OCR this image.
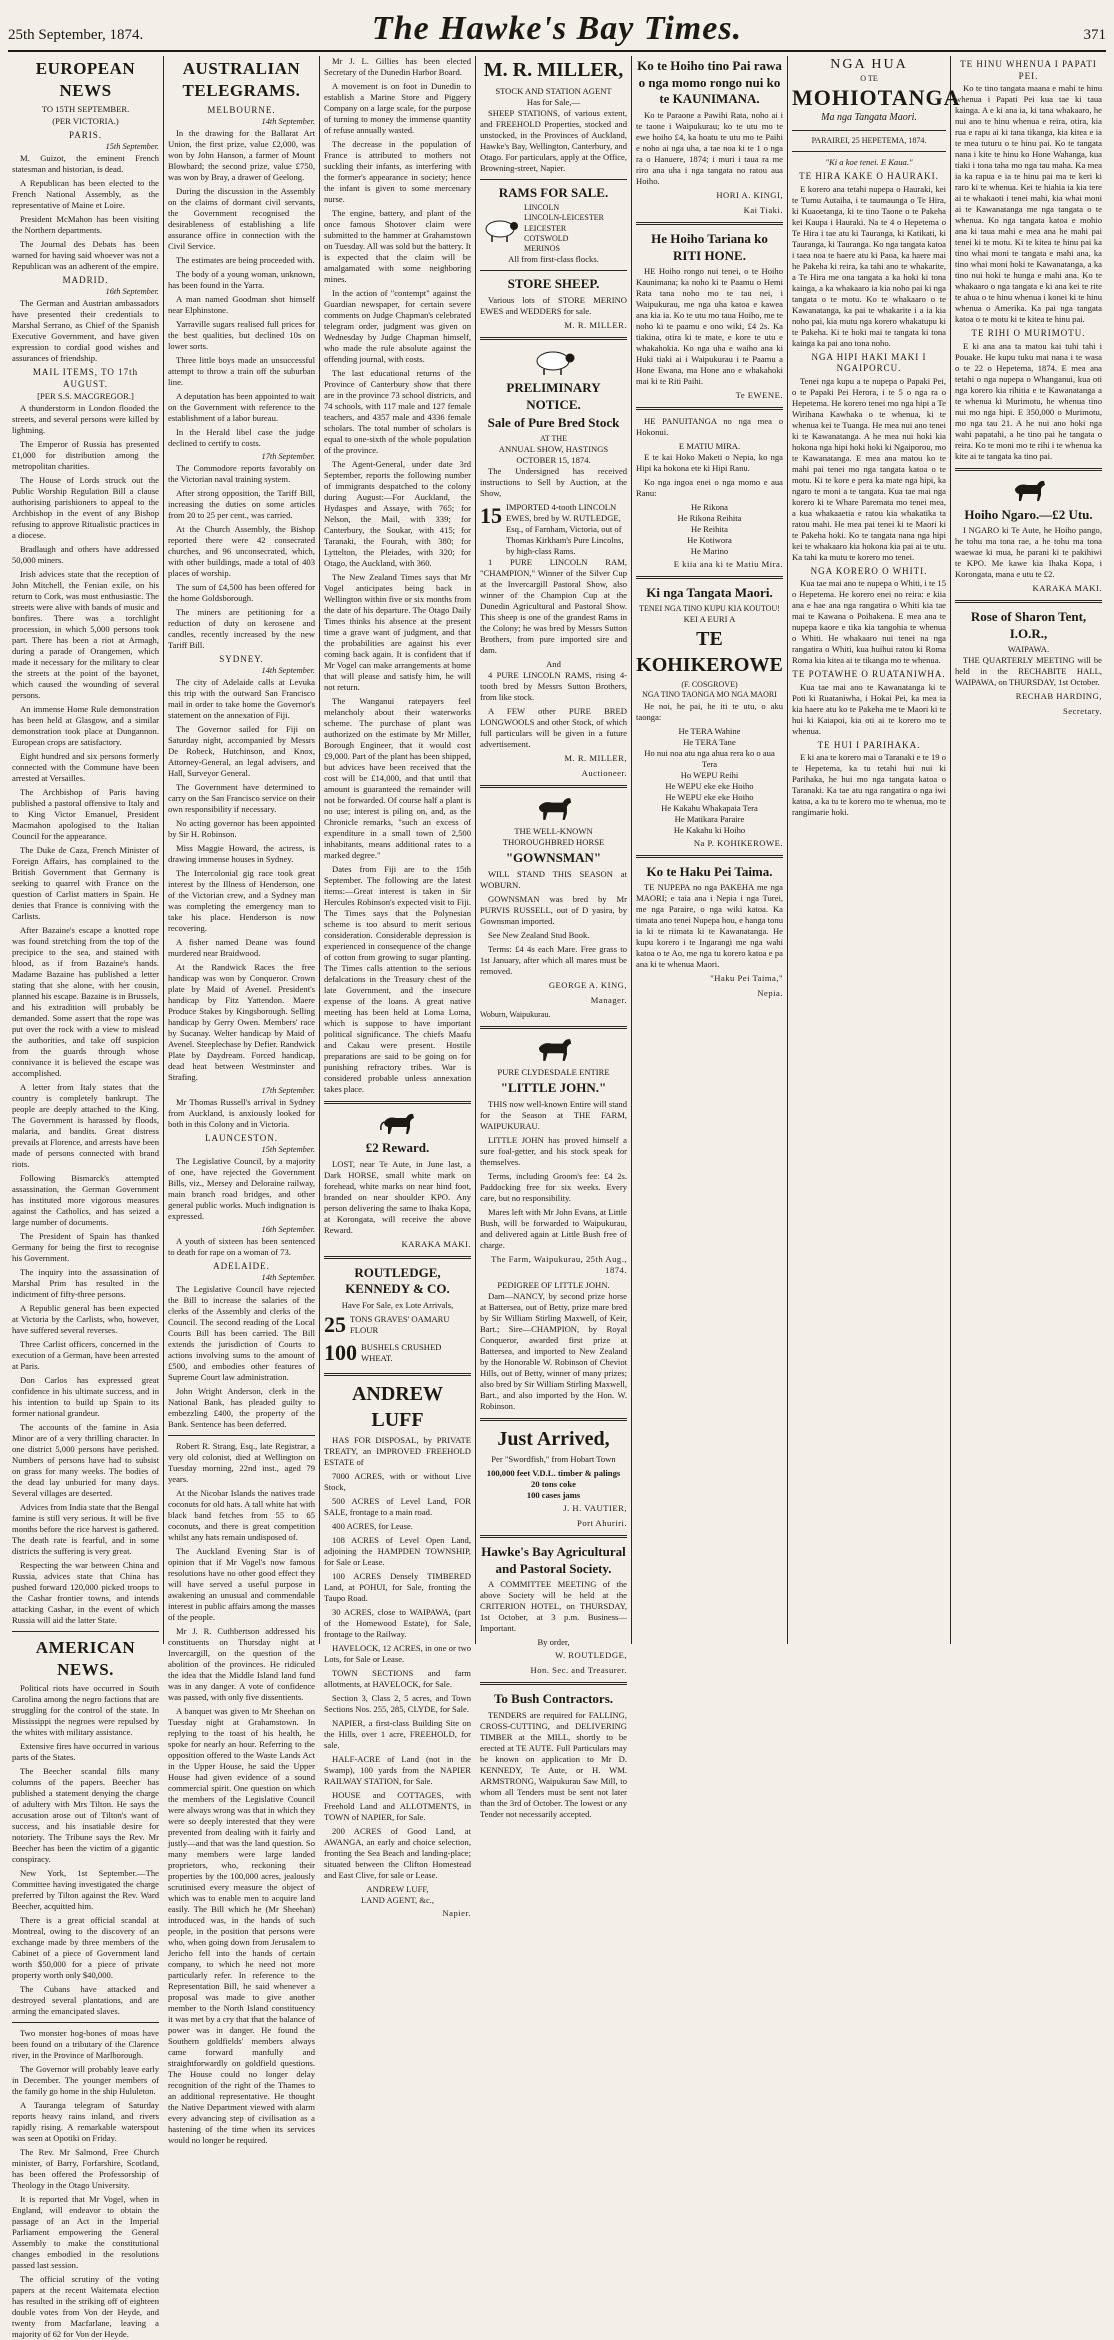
25th September, 1874.	The Hawke's Bay Times.	371
EUROPEAN NEWS
TO 15TH SEPTEMBER.
(PER VICTORIA.)
PARIS.
15th September.

M. Guizot, the eminent French statesman and historian, is dead.

A Republican has been elected to the French National Assembly, as the representative of Maine et Loire.

President McMahon has been visiting the Northern departments.

The Journal des Debats has been warned for having said whoever was not a Republican was an adherent of the empire.

MADRID.
16th September.

The German and Austrian ambassadors have presented their credentials to Marshal Serrano, as Chief of the Spanish Executive Government, and have given expression to cordial good wishes and assurances of friendship.

MAIL ITEMS, TO 17th AUGUST.
[PER S.S. MACGREGOR.]

A thunderstorm in London flooded the streets, and several persons were killed by lightning.

The Emperor of Russia has presented £1,000 for distribution among the metropolitan charities.

The House of Lords struck out the Public Worship Regulation Bill a clause authorising parishioners to appeal to the Archbishop in the event of any Bishop refusing to approve Ritualistic practices in a diocese.

Bradlaugh and others have addressed 50,000 miners.

Irish advices state that the reception of John Mitchell, the Fenian exile, on his return to Cork, was most enthusiastic. The streets were alive with bands of music and bonfires. There was a torchlight procession, in which 5,000 persons took part. There has been a riot at Armagh, during a parade of Orangemen, which made it necessary for the military to clear the streets at the point of the bayonet, which caused the wounding of several persons.

An immense Home Rule demonstration has been held at Glasgow, and a similar demonstration took place at Dungannon. European crops are satisfactory.

Eight hundred and six persons formerly connected with the Commune have been arrested at Versailles.

The Archbishop of Paris having published a pastoral offensive to Italy and to King Victor Emanuel, President Macmahon apologised to the Italian Council for the appearance.

The Duke de Caza, French Minister of Foreign Affairs, has complained to the British Government that Germany is seeking to quarrel with France on the question of Carlist matters in Spain. He denies that France is conniving with the Carlists.

After Bazaine's escape a knotted rope was found stretching from the top of the precipice to the sea, and stained with blood, as if from Bazaine's hands. Madame Bazaine has published a letter stating that she alone, with her cousin, planned his escape. Bazaine is in Brussels, and his extradition will probably be demanded. Some assert that the rope was put over the rock with a view to mislead the authorities, and take off suspicion from the guards through whose connivance it is believed the escape was accomplished.

A letter from Italy states that the country is completely bankrupt. The people are deeply attached to the King. The Government is harassed by floods, malaria, and bandits. Great distress prevails at Florence, and arrests have been made of persons connected with brand riots.

Following Bismarck's attempted assassination, the German Government has instituted more vigorous measures against the Catholics, and has seized a large number of documents.

The President of Spain has thanked Germany for being the first to recognise his Government.

The inquiry into the assassination of Marshal Prim has resulted in the indictment of fifty-three persons.

A Republic general has been expected at Victoria by the Carlists, who, however, have suffered several reverses.

Three Carlist officers, concerned in the execution of a German, have been arrested at Paris.

Don Carlos has expressed great confidence in his ultimate success, and in his intention to build up Spain to its former national grandeur.

The accounts of the famine in Asia Minor are of a very thrilling character. In one district 5,000 persons have perished. Numbers of persons have had to subsist on grass for many weeks. The bodies of the dead lay unburied for many days. Several villages are deserted.

Advices from India state that the Bengal famine is still very serious. It will be five months before the rice harvest is gathered. The death rate is fearful, and in some districts the suffering is very great.

Respecting the war between China and Russia, advices state that China has pushed forward 120,000 picked troops to the Cashar frontier towns, and intends attacking Cashar, in the event of which Russia will aid the latter State.

AMERICAN NEWS.

Political riots have occurred in South Carolina among the negro factions that are struggling for the control of the state. In Mississippi the negroes were repulsed by the whites with military assistance.

Extensive fires have occurred in various parts of the States.

The Beecher scandal fills many columns of the papers. Beecher has published a statement denying the charge of adultery with Mrs Tilton. He says the accusation arose out of Tilton's want of success, and his insatiable desire for notoriety. The Tribune says the Rev. Mr Beecher has been the victim of a gigantic conspiracy.

New York, 1st September.—The Committee having investigated the charge preferred by Tilton against the Rev. Ward Beecher, acquitted him.

There is a great official scandal at Montreal, owing to the discovery of an exchange made by three members of the Cabinet of a piece of Government land worth $50,000 for a piece of private property worth only $40,000.

The Cubans have attacked and destroyed several plantations, and are arming the emancipated slaves.

Two monster hog-bones of moas have been found on a tributary of the Clarence river, in the Province of Marlborough.

The Governor will probably leave early in December. The younger members of the family go home in the ship Hululeton.

A Tauranga telegram of Saturday reports heavy rains inland, and rivers rapidly rising. A remarkable waterspout was seen at Opotiki on Friday.

The Rev. Mr Salmond, Free Church minister, of Barry, Forfarshire, Scotland, has been offered the Professorship of Theology in the Otago University.

It is reported that Mr Vogel, when in England, will endeavor to obtain the passage of an Act in the Imperial Parliament empowering the General Assembly to make the constitutional changes embodied in the resolutions passed last session.

The official scrutiny of the voting papers at the recent Waitemata election has resulted in the striking off of eighteen double votes from Von der Heyde, and twenty from Macfarlane, leaving a majority of 62 for Von der Heyde.

AUSTRALIAN TELEGRAMS.
MELBOURNE.
14th September.

In the drawing for the Ballarat Art Union, the first prize, value £2,000, was won by John Hanson, a farmer of Mount Blowhard; the second prize, value £750, was won by Bray, a drawer of Geelong.

During the discussion in the Assembly on the claims of dormant civil servants, the Government recognised the desirableness of establishing a life assurance office in connection with the Civil Service.

The estimates are being proceeded with.

The body of a young woman, unknown, has been found in the Yarra.

A man named Goodman shot himself near Elphinstone.

Yarraville sugars realised full prices for the best qualities, but declined 10s on lower sorts.

Three little boys made an unsuccessful attempt to throw a train off the suburban line.

A deputation has been appointed to wait on the Government with reference to the establishment of a labor bureau.

In the Herald libel case the judge declined to certify to costs.

17th September.

The Commodore reports favorably on the Victorian naval training system.

After strong opposition, the Tariff Bill, increasing the duties on some articles from 20 to 25 per cent., was carried.

At the Church Assembly, the Bishop reported there were 42 consecrated churches, and 96 unconsecrated, which, with other buildings, made a total of 403 places of worship.

The sum of £4,500 has been offered for the home Goldsborough.

The miners are petitioning for a reduction of duty on kerosene and candles, recently increased by the new Tariff Bill.

SYDNEY.
14th September.

The city of Adelaide calls at Levuka this trip with the outward San Francisco mail in order to take home the Governor's statement on the annexation of Fiji.

The Governor sailed for Fiji on Saturday night, accompanied by Messrs De Robeck, Hutchinson, and Knox, Attorney-General, an legal advisers, and Hall, Surveyor General.

The Government have determined to carry on the San Francisco service on their own responsibility if necessary.

No acting governor has been appointed by Sir H. Robinson.

Miss Maggie Howard, the actress, is drawing immense houses in Sydney.

The Intercolonial gig race took great interest by the Illness of Henderson, one of the Victorian crew, and a Sydney man was completing the emergency man to take his place. Henderson is now recovering.

A fisher named Deane was found murdered near Braidwood.

At the Randwick Races the free handicap was won by Conqueror. Crown plate by Maid of Avenel. President's handicap by Fitz Yattendon. Maere Produce Stakes by Kingsborough. Selling handicap by Gerry Owen. Members' race by Sucanay. Welter handicap by Maid of Avenel. Steeplechase by Defier. Randwick Plate by Daydream. Forced handicap, dead heat between Westminster and Strafing.

17th September.

Mr Thomas Russell's arrival in Sydney from Auckland, is anxiously looked for both in this Colony and in Victoria.

LAUNCESTON.
15th September.

The Legislative Council, by a majority of one, have rejected the Government Bills, viz., Mersey and Deloraine railway, main branch road bridges, and other general public works. Much indignation is expressed.

16th September.

A youth of sixteen has been sentenced to death for rape on a woman of 73.

ADELAIDE.
14th September.

The Legislative Council have rejected the Bill to increase the salaries of the clerks of the Assembly and clerks of the Council. The second reading of the Local Courts Bill has been carried. The Bill extends the jurisdiction of Courts to actions involving sums to the amount of £500, and embodies other features of Supreme Court law administration.

John Wright Anderson, clerk in the National Bank, has pleaded guilty to embezzling £400, the property of the Bank. Sentence has been deferred.

Robert R. Strang, Esq., late Registrar, a very old colonist, died at Wellington on Tuesday morning, 22nd inst., aged 79 years.

At the Nicobar Islands the natives trade coconuts for old hats. A tall white hat with black band fetches from 55 to 65 coconuts, and there is great competition whilst any hats remain undisposed of.

The Auckland Evening Star is of opinion that if Mr Vogel's now famous resolutions have no other good effect they will have served a useful purpose in awakening an unusual and commendable interest in public affairs among the masses of the people.

Mr J. R. Cuthbertson addressed his constituents on Thursday night at Invercargill, on the question of the abolition of the provinces. He ridiculed the idea that the Middle Island land fund was in any danger. A vote of confidence was passed, with only five dissentients.

A banquet was given to Mr Sheehan on Tuesday night at Grahamstown. In replying to the toast of his health, he spoke for nearly an hour. Referring to the opposition offered to the Waste Lands Act in the Upper House, he said the Upper House had given evidence of a sound commercial spirit. One question on which the members of the Legislative Council were always wrong was that in which they were so deeply interested that they were prevented from dealing with it fairly and justly—and that was the land question. So many members were large landed proprietors, who, reckoning their properties by the 100,000 acres, jealously scrutinised every measure the object of which was to enable men to acquire land easily. The Bill which he (Mr Sheehan) introduced was, in the hands of such people, in the position that persons were who, when going down from Jerusalem to Jericho fell into the hands of certain company, to which he need not more particularly refer. In reference to the Representation Bill, he said whenever a proposal was made to give another member to the North Island constituency it was met by a cry that that the balance of power was in danger. He found the Southern goldfields' members always came forward manfully and straightforwardly on goldfield questions. The House could no longer delay recognition of the right of the Thames to an additional representative. He thought the Native Department viewed with alarm every advancing step of civilisation as a hastening of the time when its services would no longer be required.

Mr J. L. Gillies has been elected Secretary of the Dunedin Harbor Board.

A movement is on foot in Dunedin to establish a Marine Store and Piggery Company on a large scale, for the purpose of turning to money the immense quantity of refuse annually wasted.

The decrease in the population of France is attributed to mothers not suckling their infants, as interfering with the former's appearance in society; hence the infant is given to some mercenary nurse.

The engine, battery, and plant of the once famous Shotover claim were submitted to the hammer at Grahamstown on Tuesday. All was sold but the battery. It is expected that the claim will be amalgamated with some neighboring mines.

In the action of "contempt" against the Guardian newspaper, for certain severe comments on Judge Chapman's celebrated telegram order, judgment was given on Wednesday by Judge Chapman himself, who made the rule absolute against the offending journal, with costs.

The last educational returns of the Province of Canterbury show that there are in the province 73 school districts, and 74 schools, with 117 male and 127 female teachers, and 4357 male and 4336 female scholars. The total number of scholars is equal to one-sixth of the whole population of the province.

The Agent-General, under date 3rd September, reports the following number of immigrants despatched to the colony during August:—For Auckland, the Hydaspes and Assaye, with 765; for Nelson, the Mail, with 339; for Canterbury, the Soukar, with 415; for Taranaki, the Fourah, with 380; for Lyttelton, the Pleiades, with 320; for Otago, the Auckland, with 360.

The New Zealand Times says that Mr Vogel anticipates being back in Wellington within five or six months from the date of his departure. The Otago Daily Times thinks his absence at the present time a grave want of judgment, and that the probabilities are against his ever coming back again. It is confident that if Mr Vogel can make arrangements at home that will please and satisfy him, he will not return.

The Wanganui ratepayers feel melancholy about their waterworks scheme. The purchase of plant was authorized on the estimate by Mr Miller, Borough Engineer, that it would cost £9,000. Part of the plant has been shipped, but advices have been received that the cost will be £14,000, and that until that amount is guaranteed the remainder will not be forwarded. Of course half a plant is no use; interest is piling on, and, as the Chronicle remarks, "such an excess of expenditure in a small town of 2,500 inhabitants, means additional rates to a marked degree."

Dates from Fiji are to the 15th September. The following are the latest items:—Great interest is taken in Sir Hercules Robinson's expected visit to Fiji. The Times says that the Polynesian scheme is too absurd to merit serious consideration. Considerable depression is experienced in consequence of the change of cotton from growing to sugar planting. The Times calls attention to the serious defalcations in the Treasury chest of the late Government, and the insecure expense of the loans. A great native meeting has been held at Loma Loma, which is suppose to have important political significance. The chiefs Maafu and Cakau were present. Hostile preparations are said to be going on for punishing refractory tribes. War is considered probable unless annexation takes place.

£2 Reward.

LOST, near Te Aute, in June last, a Dark HORSE, small white mark on forehead, white marks on near hind foot, branded on near shoulder KPO. Any person delivering the same to Ihaka Kopa, at Korongata, will receive the above Reward.

KARAKA MAKI.
ROUTLEDGE, KENNEDY & CO.
Have For Sale, ex Lote Arrivals,
25 TONS GRAVES' OAMARU FLOUR
100 BUSHELS CRUSHED WHEAT.
ANDREW LUFF

HAS FOR DISPOSAL, by PRIVATE TREATY, an IMPROVED FREEHOLD ESTATE of

7000 ACRES, with or without Live Stock,

500 ACRES of Level Land, FOR SALE, frontage to a main road.

400 ACRES, for Lease.

108 ACRES of Level Open Land, adjoining the HAMPDEN TOWNSHIP, for Sale or Lease.

100 ACRES Densely TIMBERED Land, at POHUI, for Sale, fronting the Taupo Road.

30 ACRES, close to WAIPAWA, (part of the Homewood Estate), for Sale, frontage to the Railway.

HAVELOCK, 12 ACRES, in one or two Lots, for Sale or Lease.

TOWN SECTIONS and farm allotments, at HAVELOCK, for Sale.

Section 3, Class 2, 5 acres, and Town Sections Nos. 255, 285, CLYDE, for Sale.

NAPIER, a first-class Building Site on the Hills, over 1 acre, FREEHOLD, for sale.

HALF-ACRE of Land (not in the Swamp), 100 yards from the NAPIER RAILWAY STATION, for Sale.

HOUSE and COTTAGES, with Freehold Land and ALLOTMENTS, in TOWN of NAPIER, for Sale.

200 ACRES of Good Land, at AWANGA, an early and choice selection, fronting the Sea Beach and landing-place; situated between the Clifton Homestead and East Clive, for sale or Lease.

ANDREW LUFF,
LAND AGENT, &c.,
Napier.
M. R. MILLER,
STOCK AND STATION AGENT
Has for Sale,—

SHEEP STATIONS, of various extent, and FREEHOLD Properties, stocked and unstocked, in the Provinces of Auckland, Hawke's Bay, Wellington, Canterbury, and Otago. For particulars, apply at the Office, Browning-street, Napier.

RAMS FOR SALE.
LINCOLN
LINCOLN-LEICESTER
LEICESTER
COTSWOLD
MERINOS
All from first-class flocks.
STORE SHEEP.

Various lots of STORE MERINO EWES and WEDDERS for sale.

M. R. MILLER.
PRELIMINARY NOTICE.
Sale of Pure Bred Stock
AT THE
ANNUAL SHOW, HASTINGS
OCTOBER 15, 1874.

The Undersigned has received instructions to Sell by Auction, at the Show,

15 IMPORTED 4-tooth LINCOLN EWES, bred by W. RUTLEDGE, Esq., of Farnham, Victoria, out of Thomas Kirkham's Pure Lincolns, by high-class Rams.

1 PURE LINCOLN RAM, "CHAMPION," Winner of the Silver Cup at the Invercargill Pastoral Show, also winner of the Champion Cup at the Dunedin Agricultural and Pastoral Show. This sheep is one of the grandest Rams in the Colony; he was bred by Messrs Sutton Brothers, from pure imported sire and dam.

And

4 PURE LINCOLN RAMS, rising 4-tooth bred by Messrs Sutton Brothers, from like stock.

A FEW other PURE BRED LONGWOOLS and other Stock, of which full particulars will be given in a future advertisement.

M. R. MILLER,
Auctioneer.
THE WELL-KNOWN THOROUGHBRED HORSE
"GOWNSMAN"

WILL STAND THIS SEASON at WOBURN.

GOWNSMAN was bred by Mr PURVIS RUSSELL, out of D yasira, by Gownsman imported.

See New Zealand Stud Book.

Terms: £4 4s each Mare. Free grass to 1st January, after which all mares must be removed.

GEORGE A. KING,
Manager.
Woburn, Waipukurau.
PURE CLYDESDALE ENTIRE
"LITTLE JOHN."

THIS now well-known Entire will stand for the Season at THE FARM, WAIPUKURAU.

LITTLE JOHN has proved himself a sure foal-getter, and his stock speak for themselves.

Terms, including Groom's fee: £4 2s. Paddocking free for six weeks. Every care, but no responsibility.

Mares left with Mr John Evans, at Little Bush, will be forwarded to Waipukurau, and delivered again at Little Bush free of charge.

The Farm, Waipukurau, 25th Aug., 1874.
PEDIGREE OF LITTLE JOHN.

Dam—NANCY, by second prize horse at Battersea, out of Betty, prize mare bred by Sir William Stirling Maxwell, of Keir, Bart.; Sire—CHAMPION, by Royal Conqueror, awarded first prize at Battersea, and imported to New Zealand by the Honorable W. Robinson of Cheviot Hills, out of Betty, winner of many prizes; also bred by Sir William Stirling Maxwell, Bart., and also imported by the Hon. W. Robinson.

Just Arrived,
Per "Swordfish," from Hobart Town
100,000 feet V.D.L. timber & palings
20 tons coke
100 cases jams
J. H. VAUTIER,
Port Ahuriri.
Hawke's Bay Agricultural and Pastoral Society.

A COMMITTEE MEETING of the above Society will be held at the CRITERION HOTEL, on THURSDAY, 1st October, at 3 p.m. Business—Important.

By order,
W. ROUTLEDGE,
Hon. Sec. and Treasurer.
To Bush Contractors.

TENDERS are required for FALLING, CROSS-CUTTING, and DELIVERING TIMBER at the MILL, shortly to be erected at TE AUTE. Full Particulars may be known on application to Mr D. KENNEDY, Te Aute, or H. WM. ARMSTRONG, Waipukurau Saw Mill, to whom all Tenders must be sent not later than the 3rd of October. The lowest or any Tender not necessarily accepted.

Ko te Hoiho tino Pai rawa o nga momo rongo nui ko te KAUNIMANA.

Ko te Paraone a Pawihi Rata, noho ai i te taone i Waipukurau; ko te utu mo te ewe hoiho £4, ka hoatu te utu mo te Paihi e noho ai nga uha, a tae noa ki te 1 o nga ra o Hanuere, 1874; i muri i taua ra me riro ana uha i nga tangata no ratou aua Hoiho.

HORI A. KINGI,
Kai Tiaki.
He Hoiho Tariana ko RITI HONE.

HE Hoiho rongo nui tenei, o te Hoiho Kaunimana; ka noho ki te Paamu o Hemi Rata tana noho mo te tau nei, i Waipukurau, me nga uha katoa e kawea ana kia ia. Ko te utu mo taua Hoiho, me te noho ki te paamu e ono wiki, £4 2s. Ka tiakina, otira ki te mate, e kore te utu e whakahokia. Ko nga uha e waiho ana ki Huki tiaki ai i Waipukurau i te Paamu a Hone Ewana, ma Hone ano e whakahoki mai ki te Riti Paihi.

Te EWENE.

HE PANUITANGA no nga mea o Hokonui.

E MATIU MIRA.

E te kai Hoko Maketi o Nepia, ko nga Hipi ka hokona ete ki Hipi Ranu.

Ko nga ingoa enei o nga momo e aua Ranu:

He Rikona
He Rikona Reihita
He Reihita
He Kotiwora
He Marino
E kiia ana ki te Matiu Mira.
Ki nga Tangata Maori.
TENEI NGA TINO KUPU KIA KOUTOU!
KEI A EURI A
TE KOHIKEROWE
(F. COSGROVE)
NGA TINO TAONGA MO NGA MAORI

He noi, he pai, he iti te utu, o aku taonga:

He TERA Wahine
He TERA Tane
Ho nui noa atu nga ahua rera ko o aua Tera
Ho WEPU Reihi
He WEPU eke eke Hoiho
He WEPU eke eke Hoiho
He Kakahu Whakapaia Tera
He Matikara Paraire
He Kakahu ki Hoiho
Na P. KOHIKEROWE.
Ko te Haku Pei Taima.

TE NUPEPA no nga PAKEHA me nga MAORI; e taia ana i Nepia i nga Turei, me nga Paraire, o nga wiki katoa. Ka timata ano tenei Nupepa hou, e hanga tonu ia ki te riimata ki te Kawanatanga. He kupu korero i te Ingarangi me nga wahi katoa o te Ao, me nga tu korero katoa e pa ana ki te whenua Maori.

"Haku Pei Taima,"
Nepia.
NGA HUA
O TE
MOHIOTANGA
Ma nga Tangata Maori.
PARAIREI, 25 HEPETEMA, 1874.
"Ki a koe tenei. E Kaua."
TE HIRA KAKE O HAURAKI.

E korero ana tetahi nupepa o Hauraki, kei te Tumu Autaiha, i te taumaunga o Te Hira, ki Kuaoetanga, ki te tino Taone o te Pakeha kei Kaupa i Hauraki. Na te 4 o Hepetema o Te Hira i tae atu ki Tauranga, ki Katikati, ki Tauranga, ki Tauranga. Ko nga tangata katoa i taea noa te haere atu ki Paoa, ka haere mai he Pakeha ki reira, ka tahi ano te whakarite, a Te Hira me ona tangata a ka hoki ki tona kainga, a ka whakaaro ia kia noho pai ki nga tangata o te motu. Ko te whakaaro o te Kawanatanga, ka pai te whakarite i a ia kia noho pai, kia mutu nga korero whakatupu ki te Pakeha. Ki te hoki mai te tangata ki tona kainga ka pai ano tona noho.

NGA HIPI HAKI MAKI I NGAIPORCU.

Tenei nga kupu a te nupepa o Papaki Pei, o te Papaki Pei Herora, i te 5 o nga ra o Hepetema. He korero tenei mo nga hipi a Te Wirihana Kawhaka o te whenua, ki te whenua kei te Tuanga. He mea nui ano tenei ki te Kawanatanga. A he mea nui hoki kia hokona nga hipi hoki hoki ki Ngaiporou, mo te Kawanatanga. E mea ana matou ko te mahi pai tenei mo nga tangata katoa o te motu. Ki te kore e pera ka mate nga hipi, ka ngaro te moni a te tangata. Kua tae mai nga korero ki te Whare Paremata mo tenei mea, a kua whakaaetia e ratou kia whakatika ta ratou mahi. He mea pai tenei ki te Maori ki te Pakeha hoki. Ko te tangata nana nga hipi kei te whakaaro kia hokona kia pai ai te utu. Ka tahi ka mutu te korero mo tenei.

NGA KORERO O WHITI.

Kua tae mai ano te nupepa o Whiti, i te 15 o Hepetema. He korero enei no reira: e kiia ana e hae ana nga rangatira o Whiti kia tae mai te Kawana o Poihakena. E mea ana te nupepa kaore e tika kia tangohia te whenua o Whiti. He whakaaro nui tenei na nga rangatira o Whiti, kua huihui ratou ki Roma Roma kia kitea ai te tikanga mo te whenua.

TE POTAWHE O RUATANIWHA.

Kua tae mai ano te Kawanatanga ki te Poti ki Ruataniwha, i Hokai Pei, ka mea ia kia haere atu ko te Pakeha me te Maori ki te hui ki Kaiapoi, kia oti ai te korero mo te whenua.

TE HUI I PARIHAKA.

E ki ana te korero mai o Taranaki e te 19 o te Hepetema, ka tu tetahi hui nui ki Parihaka, he hui mo nga tangata katoa o Taranaki. Ka tae atu nga rangatira o nga iwi katoa, a ka tu te korero mo te whenua, mo te rangimarie hoki.

TE HINU WHENUA I PAPATI PEI.

Ko te tino tangata maana e mahi te hinu whenua i Papati Pei kua tae ki taua kainga. A e ki ana ia, ki tana whakaaro, he nui ano te hinu whenua e reira, otira, kia rua e rapu ai ki tana tikanga, kia kitea e ia te mea tuturu o te hinu pai. Ko te tangata nana i kite te hinu ko Hone Wahanga, kua tiaki i tona taha mo nga tau maha. Ka mea ia ka rapua e ia te hinu pai ma te keri ki raro ki te whenua. Kei te hiahia ia kia tere ai te whakaoti i tenei mahi, kia whai moni ai te Kawanatanga me nga tangata o te whenua. Ko nga tangata katoa e mohio ana ki taua mahi e mea ana he mahi pai tenei ki te motu. Ki te kitea te hinu pai ka tino whai moni te tangata e mahi ana, ka tino whai moni hoki te Kawanatanga, a ka tino nui hoki te hunga e mahi ana. Ko te whakaaro o nga tangata e ki ana kei te rite te ahua o te hinu whenua i konei ki te hinu whenua o Amerika. Ka pai nga tangata katoa o te motu ki te kitea te hinu pai.

TE RIHI O MURIMOTU.

E ki ana ana ta matou kai tuhi tahi i Pouake. He kupu tuku mai nana i te wasa o te 22 o Hepetema, 1874. E mea ana tetahi o nga nupepa o Whanganui, kua oti nga korero kia rihitia e te Kawanatanga a te whenua ki Murimotu, he whenua tino nui mo nga hipi. E 350,000 o Murimotu, mo nga tau 21. A he nui ano hoki nga wahi papatahi, a he tino pai he tangata o reira. Ko te moni mo te rihi i te whenua ka kite ai te tangata ka tino pai.

Hoiho Ngaro.—£2 Utu.

I NGARO ki Te Aute, he Hoiho pango, he tohu ma tona rae, a he tohu ma tona waewae ki mua, he parani ki te pakihiwi te KPO. Me kawe kia Ihaka Kopa, i Korongata, mana e utu te £2.

KARAKA MAKI.
Rose of Sharon Tent, I.O.R.,
WAIPAWA.

THE QUARTERLY MEETING will be held in the RECHABITE HALL, WAIPAWA, on THURSDAY, 1st October.

RECHAB HARDING,
Secretary.
